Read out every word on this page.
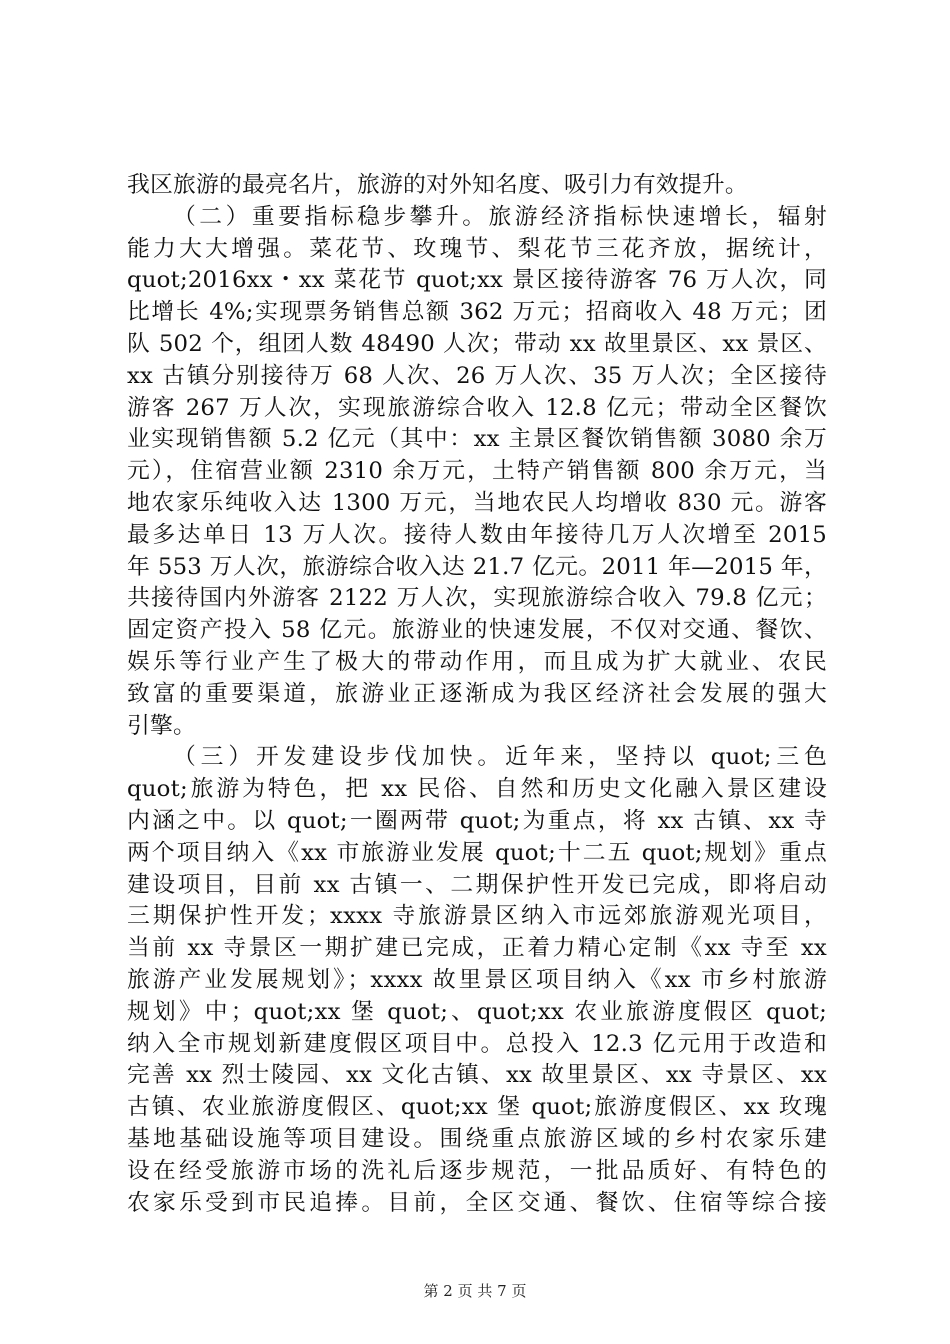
我区旅游的最亮名片，旅游的对外知名度、吸引力有效提升。
（二）重要指标稳步攀升。旅游经济指标快速增长，辐射
能力大大增强。菜花节、玫瑰节、梨花节三花齐放，据统计，
quot;2016xx・xx 菜花节 quot;xx 景区接待游客 76 万人次，同
比增长 4%;实现票务销售总额 362 万元；招商收入 48 万元；团
队 502 个，组团人数 48490 人次；带动 xx 故里景区、xx 景区、
xx 古镇分别接待万 68 人次、26 万人次、35 万人次；全区接待
游客 267 万人次，实现旅游综合收入 12.8 亿元；带动全区餐饮
业实现销售额 5.2 亿元（其中：xx 主景区餐饮销售额 3080 余万
元），住宿营业额 2310 余万元，土特产销售额 800 余万元，当
地农家乐纯收入达 1300 万元，当地农民人均增收 830 元。游客
最多达单日 13 万人次。接待人数由年接待几万人次增至 2015
年 553 万人次，旅游综合收入达 21.7 亿元。2011 年—2015 年，
共接待国内外游客 2122 万人次，实现旅游综合收入 79.8 亿元；
固定资产投入 58 亿元。旅游业的快速发展，不仅对交通、餐饮、
娱乐等行业产生了极大的带动作用，而且成为扩大就业、农民
致富的重要渠道，旅游业正逐渐成为我区经济社会发展的强大
引擎。
（三）开发建设步伐加快。近年来，坚持以 quot;三色
quot;旅游为特色，把 xx 民俗、自然和历史文化融入景区建设
内涵之中。以 quot;一圈两带 quot;为重点，将 xx 古镇、xx 寺
两个项目纳入《xx 市旅游业发展 quot;十二五 quot;规划》重点
建设项目，目前 xx 古镇一、二期保护性开发已完成，即将启动
三期保护性开发；xxxx 寺旅游景区纳入市远郊旅游观光项目，
当前 xx 寺景区一期扩建已完成，正着力精心定制《xx 寺至 xx
旅游产业发展规划》；xxxx 故里景区项目纳入《xx 市乡村旅游
规划》中；quot;xx 堡 quot;、quot;xx 农业旅游度假区 quot;
纳入全市规划新建度假区项目中。总投入 12.3 亿元用于改造和
完善 xx 烈士陵园、xx 文化古镇、xx 故里景区、xx 寺景区、xx
古镇、农业旅游度假区、quot;xx 堡 quot;旅游度假区、xx 玫瑰
基地基础设施等项目建设。围绕重点旅游区域的乡村农家乐建
设在经受旅游市场的洗礼后逐步规范，一批品质好、有特色的
农家乐受到市民追捧。目前，全区交通、餐饮、住宿等综合接
第 2 页 共 7 页
